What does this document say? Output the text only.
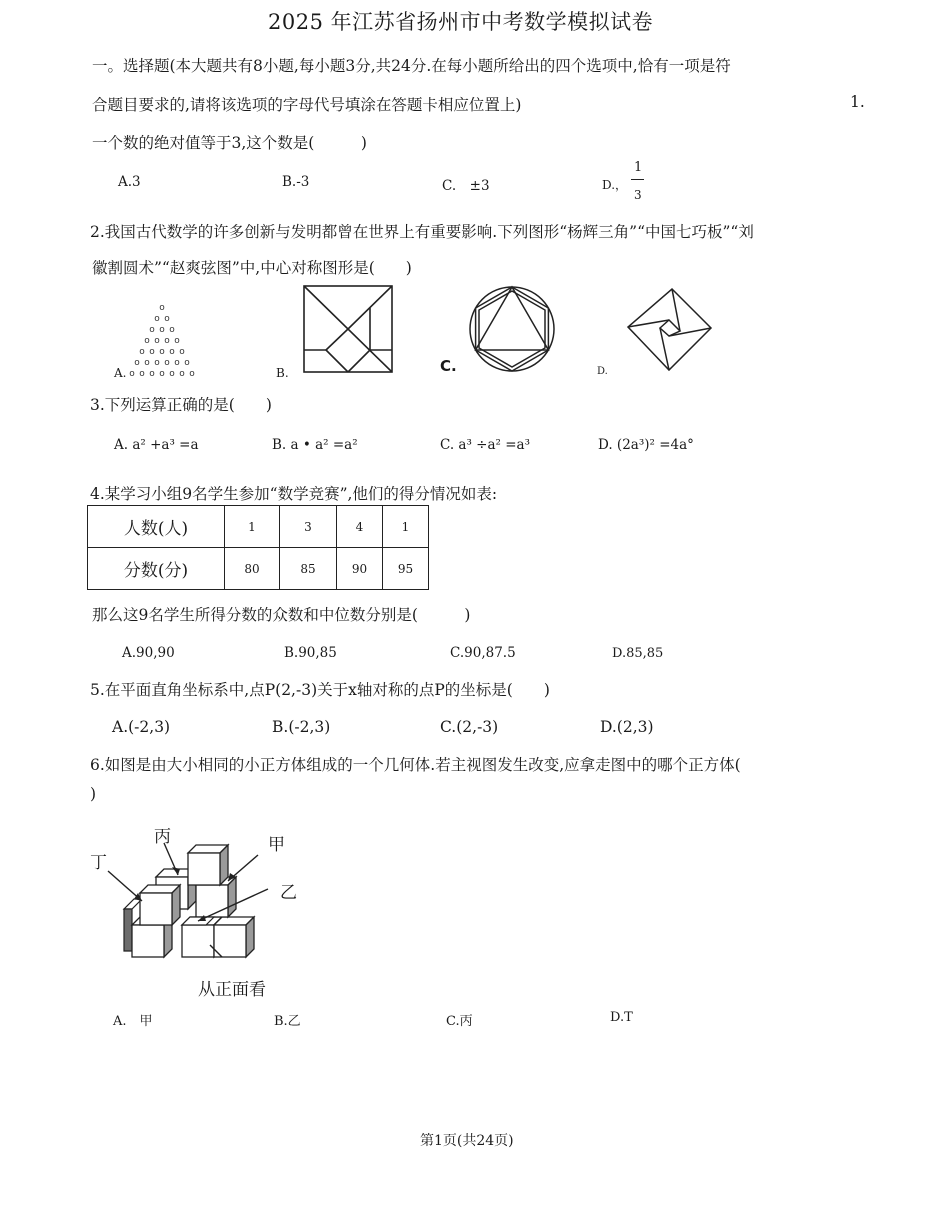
2025 年江苏省扬州市中考数学模拟试卷
一。选择题(本大题共有8小题,每小题3分,共24分.在每小题所给出的四个选项中,恰有一项是符
合题目要求的,请将该选项的字母代号填涂在答题卡相应位置上)	1.
一个数的绝对值等于3,这个数是(　　　)
A.3	B.-3	C.　±3	D.，
1
3
2.我国古代数学的许多创新与发明都曾在世界上有重要影响.下列图形“杨辉三角”“中国七巧板”“刘
徽割圆术”“赵爽弦图”中,中心对称图形是(　　)
o
o o
o o o
o o o o
o o o o o
o o o o o o
o o o o o o o
A.	B.	C.	D.
3.下列运算正确的是(　　)
A. a² +a³ =a	B. a • a² =a²	C. a³ ÷a² =a³	D. (2a³)² =4a°
4.某学习小组9名学生参加“数学竞赛”,他们的得分情况如表:
人数(人)	1	3	4	1
分数(分)	80	85	90	95
那么这9名学生所得分数的众数和中位数分别是(　　　)
A.90,90	B.90,85	C.90,87.5	D.85,85
5.在平面直角坐标系中,点P(2,-3)关于x轴对称的点P的坐标是(　　)
A.(-2,3)	B.(-2,3)	C.(2,-3)	D.(2,3)
6.如图是由大小相同的小正方体组成的一个几何体.若主视图发生改变,应拿走图中的哪个正方体(
)
丙	甲
丁
乙
从正面看
A.　甲	B.乙	C.丙	D.T
第1页(共24页)
